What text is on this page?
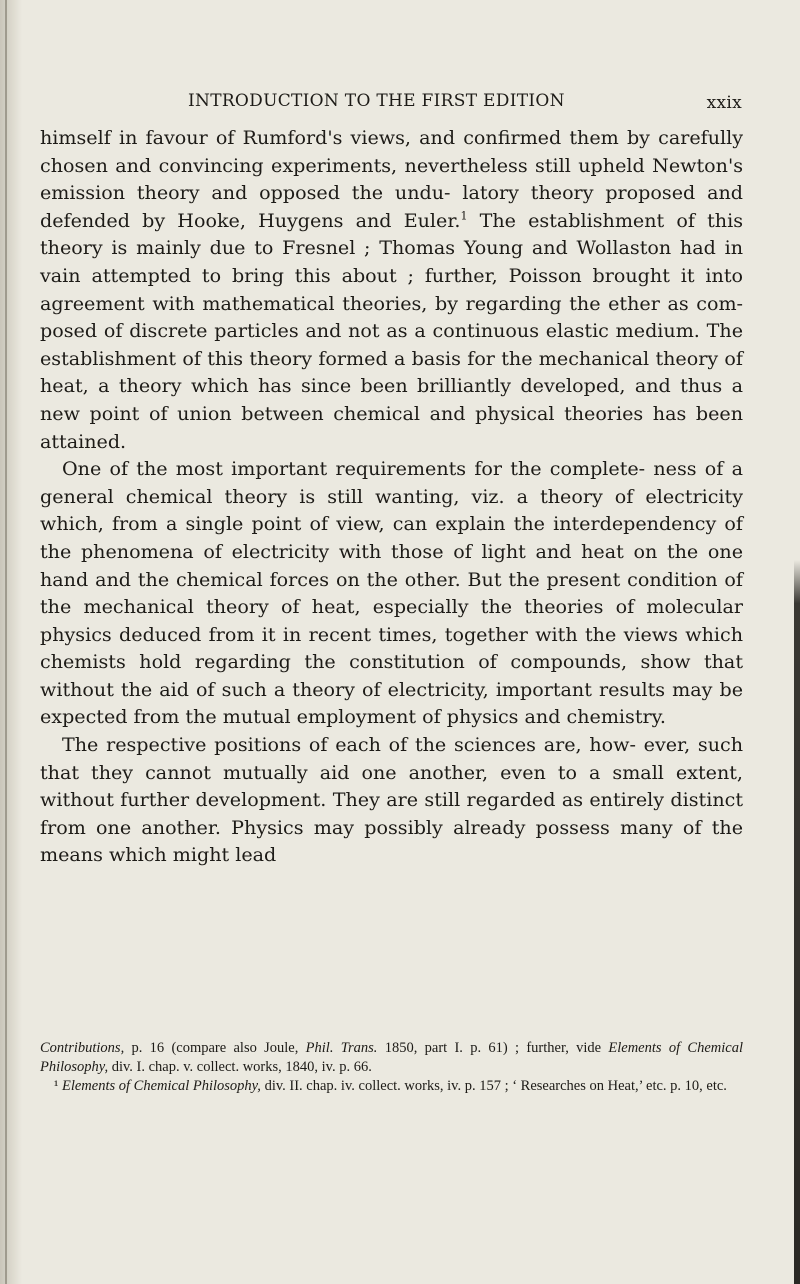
INTRODUCTION TO THE FIRST EDITION	xxix

himself in favour of Rumford's views, and confirmed them by carefully chosen and convincing experiments, nevertheless still upheld Newton's emission theory and opposed the undu- latory theory proposed and defended by Hooke, Huygens and Euler.$^1$ The establishment of this theory is mainly due to Fresnel ; Thomas Young and Wollaston had in vain attempted to bring this about ; further, Poisson brought it into agreement with mathematical theories, by regarding the ether as com- posed of discrete particles and not as a continuous elastic medium. The establishment of this theory formed a basis for the mechanical theory of heat, a theory which has since been brilliantly developed, and thus a new point of union between chemical and physical theories has been attained.

One of the most important requirements for the complete- ness of a general chemical theory is still wanting, viz. a theory of electricity which, from a single point of view, can explain the interdependency of the phenomena of electricity with those of light and heat on the one hand and the chemical forces on the other. But the present condition of the mechanical theory of heat, especially the theories of molecular physics deduced from it in recent times, together with the views which chemists hold regarding the constitution of compounds, show that without the aid of such a theory of electricity, important results may be expected from the mutual employment of physics and chemistry.

The respective positions of each of the sciences are, how- ever, such that they cannot mutually aid one another, even to a small extent, without further development. They are still regarded as entirely distinct from one another. Physics may possibly already possess many of the means which might lead

Contributions, p. 16 (compare also Joule, Phil. Trans. 1850, part I. p. 61) ; further, vide Elements of Chemical Philosophy, div. I. chap. v. collect. works, 1840, iv. p. 66.

¹ Elements of Chemical Philosophy, div. II. chap. iv. collect. works, iv. p. 157 ; ‘ Researches on Heat,’ etc. p. 10, etc.
